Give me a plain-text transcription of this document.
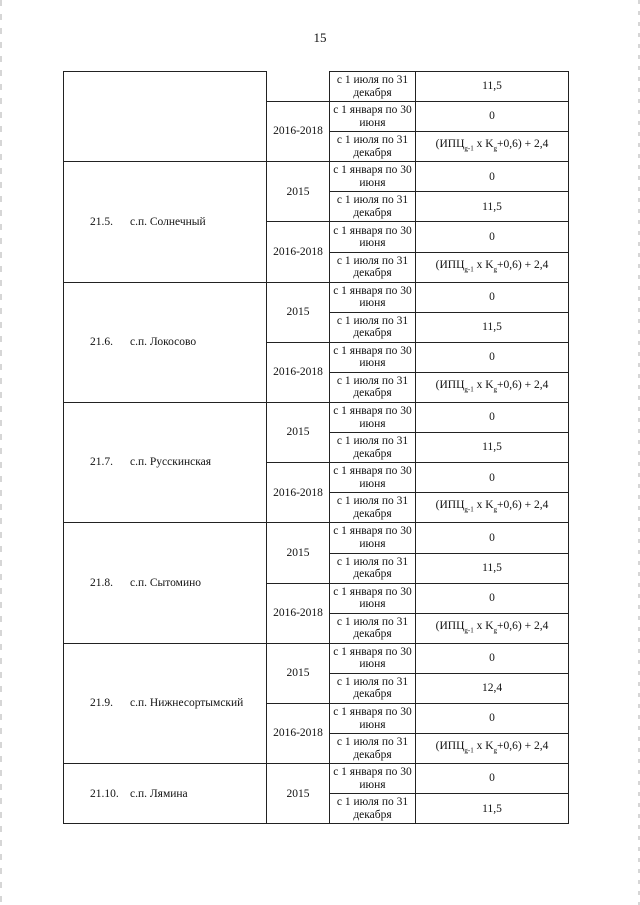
15
		с 1 июля по 31 декабря	11,5
	2016-2018	с 1 января по 30 июня	0
		с 1 июля по 31 декабря	($ИПЦ_{g-1}$ x $K_g+0,6) + 2,4$
21.5. с.п. Солнечный	2015	с 1 января по 30 июня	0
		с 1 июля по 31 декабря	11,5
	2016-2018	с 1 января по 30 июня	0
		с 1 июля по 31 декабря	($ИПЦ_{g-1}$ x $K_g+0,6) + 2,4$
21.6. с.п. Локосово	2015	с 1 января по 30 июня	0
		с 1 июля по 31 декабря	11,5
	2016-2018	с 1 января по 30 июня	0
		с 1 июля по 31 декабря	($ИПЦ_{g-1}$ x $K_g+0,6) + 2,4$
21.7. с.п. Русскинская	2015	с 1 января по 30 июня	0
		с 1 июля по 31 декабря	11,5
	2016-2018	с 1 января по 30 июня	0
		с 1 июля по 31 декабря	($ИПЦ_{g-1}$ x $K_g+0,6) + 2,4$
21.8. с.п. Сытомино	2015	с 1 января по 30 июня	0
		с 1 июля по 31 декабря	11,5
	2016-2018	с 1 января по 30 июня	0
		с 1 июля по 31 декабря	($ИПЦ_{g-1}$ x $K_g+0,6) + 2,4$
21.9. с.п. Нижнесортымский	2015	с 1 января по 30 июня	0
		с 1 июля по 31 декабря	12,4
	2016-2018	с 1 января по 30 июня	0
		с 1 июля по 31 декабря	($ИПЦ_{g-1}$ x $K_g+0,6) + 2,4$
21.10. с.п. Лямина	2015	с 1 января по 30 июня	0
		с 1 июля по 31 декабря	11,5
